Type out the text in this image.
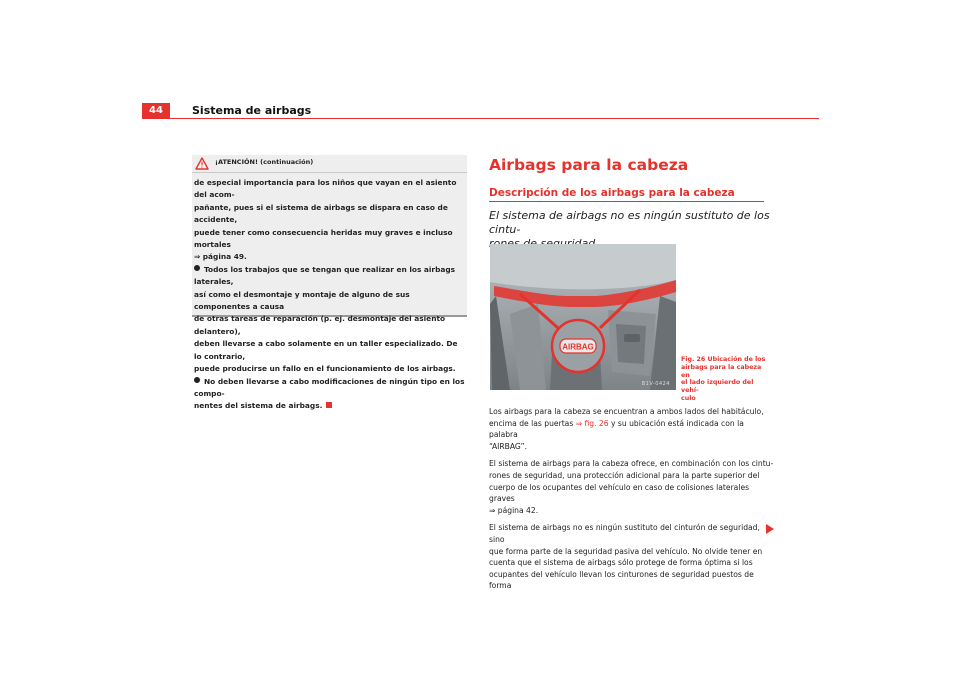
44	Sistema de airbags
¡ATENCIÓN! (continuación)

de especial importancia para los niños que vayan en el asiento del acom-
pañante, pues si el sistema de airbags se dispara en caso de accidente,
puede tener como consecuencia heridas muy graves e incluso mortales
⇒ página 49.

Todos los trabajos que se tengan que realizar en los airbags laterales,
así como el desmontaje y montaje de alguno de sus componentes a causa
de otras tareas de reparación (p. ej. desmontaje del asiento delantero),
deben llevarse a cabo solamente en un taller especializado. De lo contrario,
puede producirse un fallo en el funcionamiento de los airbags.

No deben llevarse a cabo modificaciones de ningún tipo en los compo-
nentes del sistema de airbags.

Airbags para la cabeza
Descripción de los airbags para la cabeza
El sistema de airbags no es ningún sustituto de los cintu-

AIRBAG
B1V-0424
Fig. 26 Ubicación de los
airbags para la cabeza en
el lado izquierdo del vehí-
culo

Los airbags para la cabeza se encuentran a ambos lados del habitáculo,
encima de las puertas ⇒ fig. 26 y su ubicación está indicada con la palabra
“AIRBAG”.

El sistema de airbags para la cabeza ofrece, en combinación con los cintu-
rones de seguridad, una protección adicional para la parte superior del
cuerpo de los ocupantes del vehículo en caso de colisiones laterales graves
⇒ página 42.

El sistema de airbags no es ningún sustituto del cinturón de seguridad, sino
que forma parte de la seguridad pasiva del vehículo. No olvide tener en
cuenta que el sistema de airbags sólo protege de forma óptima si los
ocupantes del vehículo llevan los cinturones de seguridad puestos de forma
